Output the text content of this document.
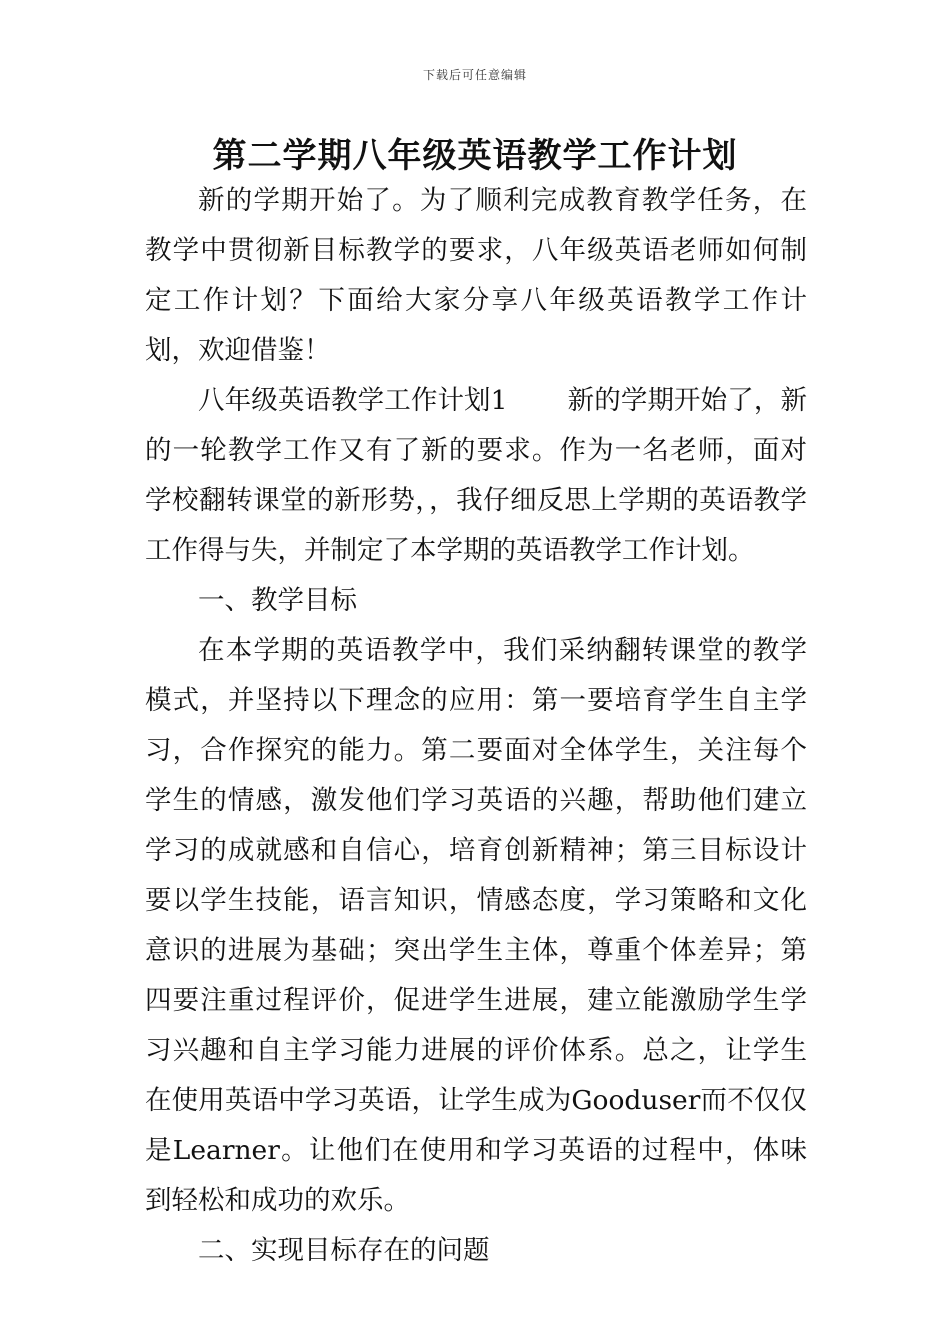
下载后可任意编辑
第二学期八年级英语教学工作计划

新的学期开始了。为了顺利完成教育教学任务，在教学中贯彻新目标教学的要求，八年级英语老师如何制定工作计划？下面给大家分享八年级英语教学工作计划，欢迎借鉴！

八年级英语教学工作计划1 新的学期开始了，新的一轮教学工作又有了新的要求。作为一名老师，面对学校翻转课堂的新形势，，我仔细反思上学期的英语教学工作得与失，并制定了本学期的英语教学工作计划。

一、教学目标

在本学期的英语教学中，我们采纳翻转课堂的教学模式，并坚持以下理念的应用：第一要培育学生自主学习，合作探究的能力。第二要面对全体学生，关注每个学生的情感，激发他们学习英语的兴趣，帮助他们建立学习的成就感和自信心，培育创新精神；第三目标设计要以学生技能，语言知识，情感态度，学习策略和文化意识的进展为基础；突出学生主体，尊重个体差异；第四要注重过程评价，促进学生进展，建立能激励学生学习兴趣和自主学习能力进展的评价体系。总之，让学生在使用英语中学习英语，让学生成为Gooduser而不仅仅是Learner。让他们在使用和学习英语的过程中，体味到轻松和成功的欢乐。

二、实现目标存在的问题
